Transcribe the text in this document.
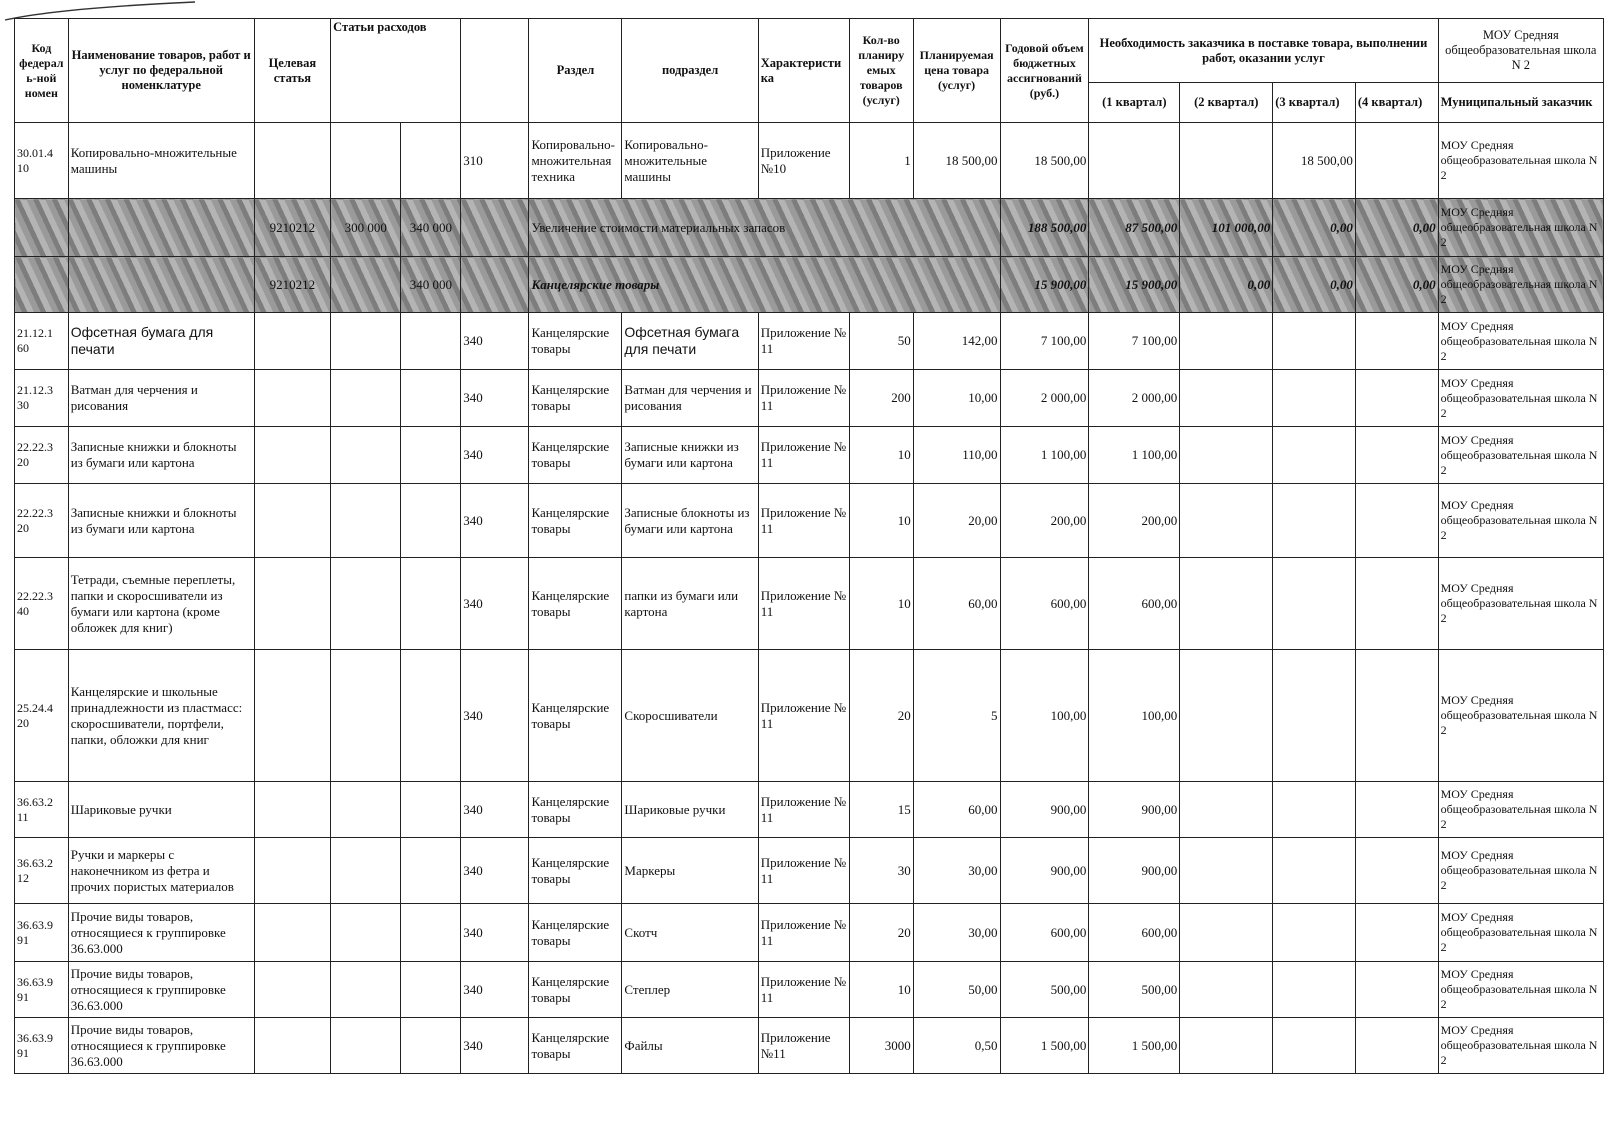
Код федераль-ной номен	Наименование товаров, работ и услуг по федеральной номенклатуре	Целевая статья	Статьи расходов			Раздел	подраздел	Характеристика	Кол-во планиру емых товаров (услуг)	Планируемая цена товара (услуг)	Годовой объем бюджетных ассигнований (руб.)	Необходимость заказчика в поставке товара, выполнении работ, оказании услуг				МОУ Средняя общеобразовательная школа N 2
												(1 квартал)	(2 квартал)	(3 квартал)	(4 квартал)	Муниципальный заказчик
30.01.4 10	Копировально-множительные машины				310	Копировально-множительная техника	Копировально-множительные машины	Приложение №10	1	18 500,00	18 500,00			18 500,00		МОУ Средняя общеобразовательная школа N 2
		9210212	300 000	340 000		Увеличение стоимости материальных запасов					188 500,00	87 500,00	101 000,00	0,00	0,00	МОУ Средняя общеобразовательная школа N 2
		9210212		340 000		Канцелярские товары					15 900,00	15 900,00	0,00	0,00	0,00	МОУ Средняя общеобразовательная школа N 2
21.12.1 60	Офсетная бумага для печати				340	Канцелярские товары	Офсетная бумага для печати	Приложение № 11	50	142,00	7 100,00	7 100,00				МОУ Средняя общеобразовательная школа N 2
21.12.3 30	Ватман для черчения и рисования				340	Канцелярские товары	Ватман для черчения и рисования	Приложение № 11	200	10,00	2 000,00	2 000,00				МОУ Средняя общеобразовательная школа N 2
22.22.3 20	Записные книжки и блокноты из бумаги или картона				340	Канцелярские товары	Записные книжки из бумаги или картона	Приложение № 11	10	110,00	1 100,00	1 100,00				МОУ Средняя общеобразовательная школа N 2
22.22.3 20	Записные книжки и блокноты из бумаги или картона				340	Канцелярские товары	Записные блокноты из бумаги или картона	Приложение № 11	10	20,00	200,00	200,00				МОУ Средняя общеобразовательная школа N 2
22.22.3 40	Тетради, съемные переплеты, папки и скоросшиватели из бумаги или картона (кроме обложек для книг)				340	Канцелярские товары	папки из бумаги или картона	Приложение № 11	10	60,00	600,00	600,00				МОУ Средняя общеобразовательная школа N 2
25.24.4 20	Канцелярские и школьные принадлежности из пластмасс: скоросшиватели, портфели, папки, обложки для книг				340	Канцелярские товары	Скоросшиватели	Приложение № 11	20	5	100,00	100,00				МОУ Средняя общеобразовательная школа N 2
36.63.2 11	Шариковые ручки				340	Канцелярские товары	Шариковые ручки	Приложение № 11	15	60,00	900,00	900,00				МОУ Средняя общеобразовательная школа N 2
36.63.2 12	Ручки и маркеры с наконечником из фетра и прочих пористых материалов				340	Канцелярские товары	Маркеры	Приложение № 11	30	30,00	900,00	900,00				МОУ Средняя общеобразовательная школа N 2
36.63.9 91	Прочие виды товаров, относящиеся к группировке 36.63.000				340	Канцелярские товары	Скотч	Приложение № 11	20	30,00	600,00	600,00				МОУ Средняя общеобразовательная школа N 2
36.63.9 91	Прочие виды товаров, относящиеся к группировке 36.63.000				340	Канцелярские товары	Степлер	Приложение № 11	10	50,00	500,00	500,00				МОУ Средняя общеобразовательная школа N 2
36.63.9 91	Прочие виды товаров, относящиеся к группировке 36.63.000				340	Канцелярские товары	Файлы	Приложение №11	3000	0,50	1 500,00	1 500,00				МОУ Средняя общеобразовательная школа N 2
